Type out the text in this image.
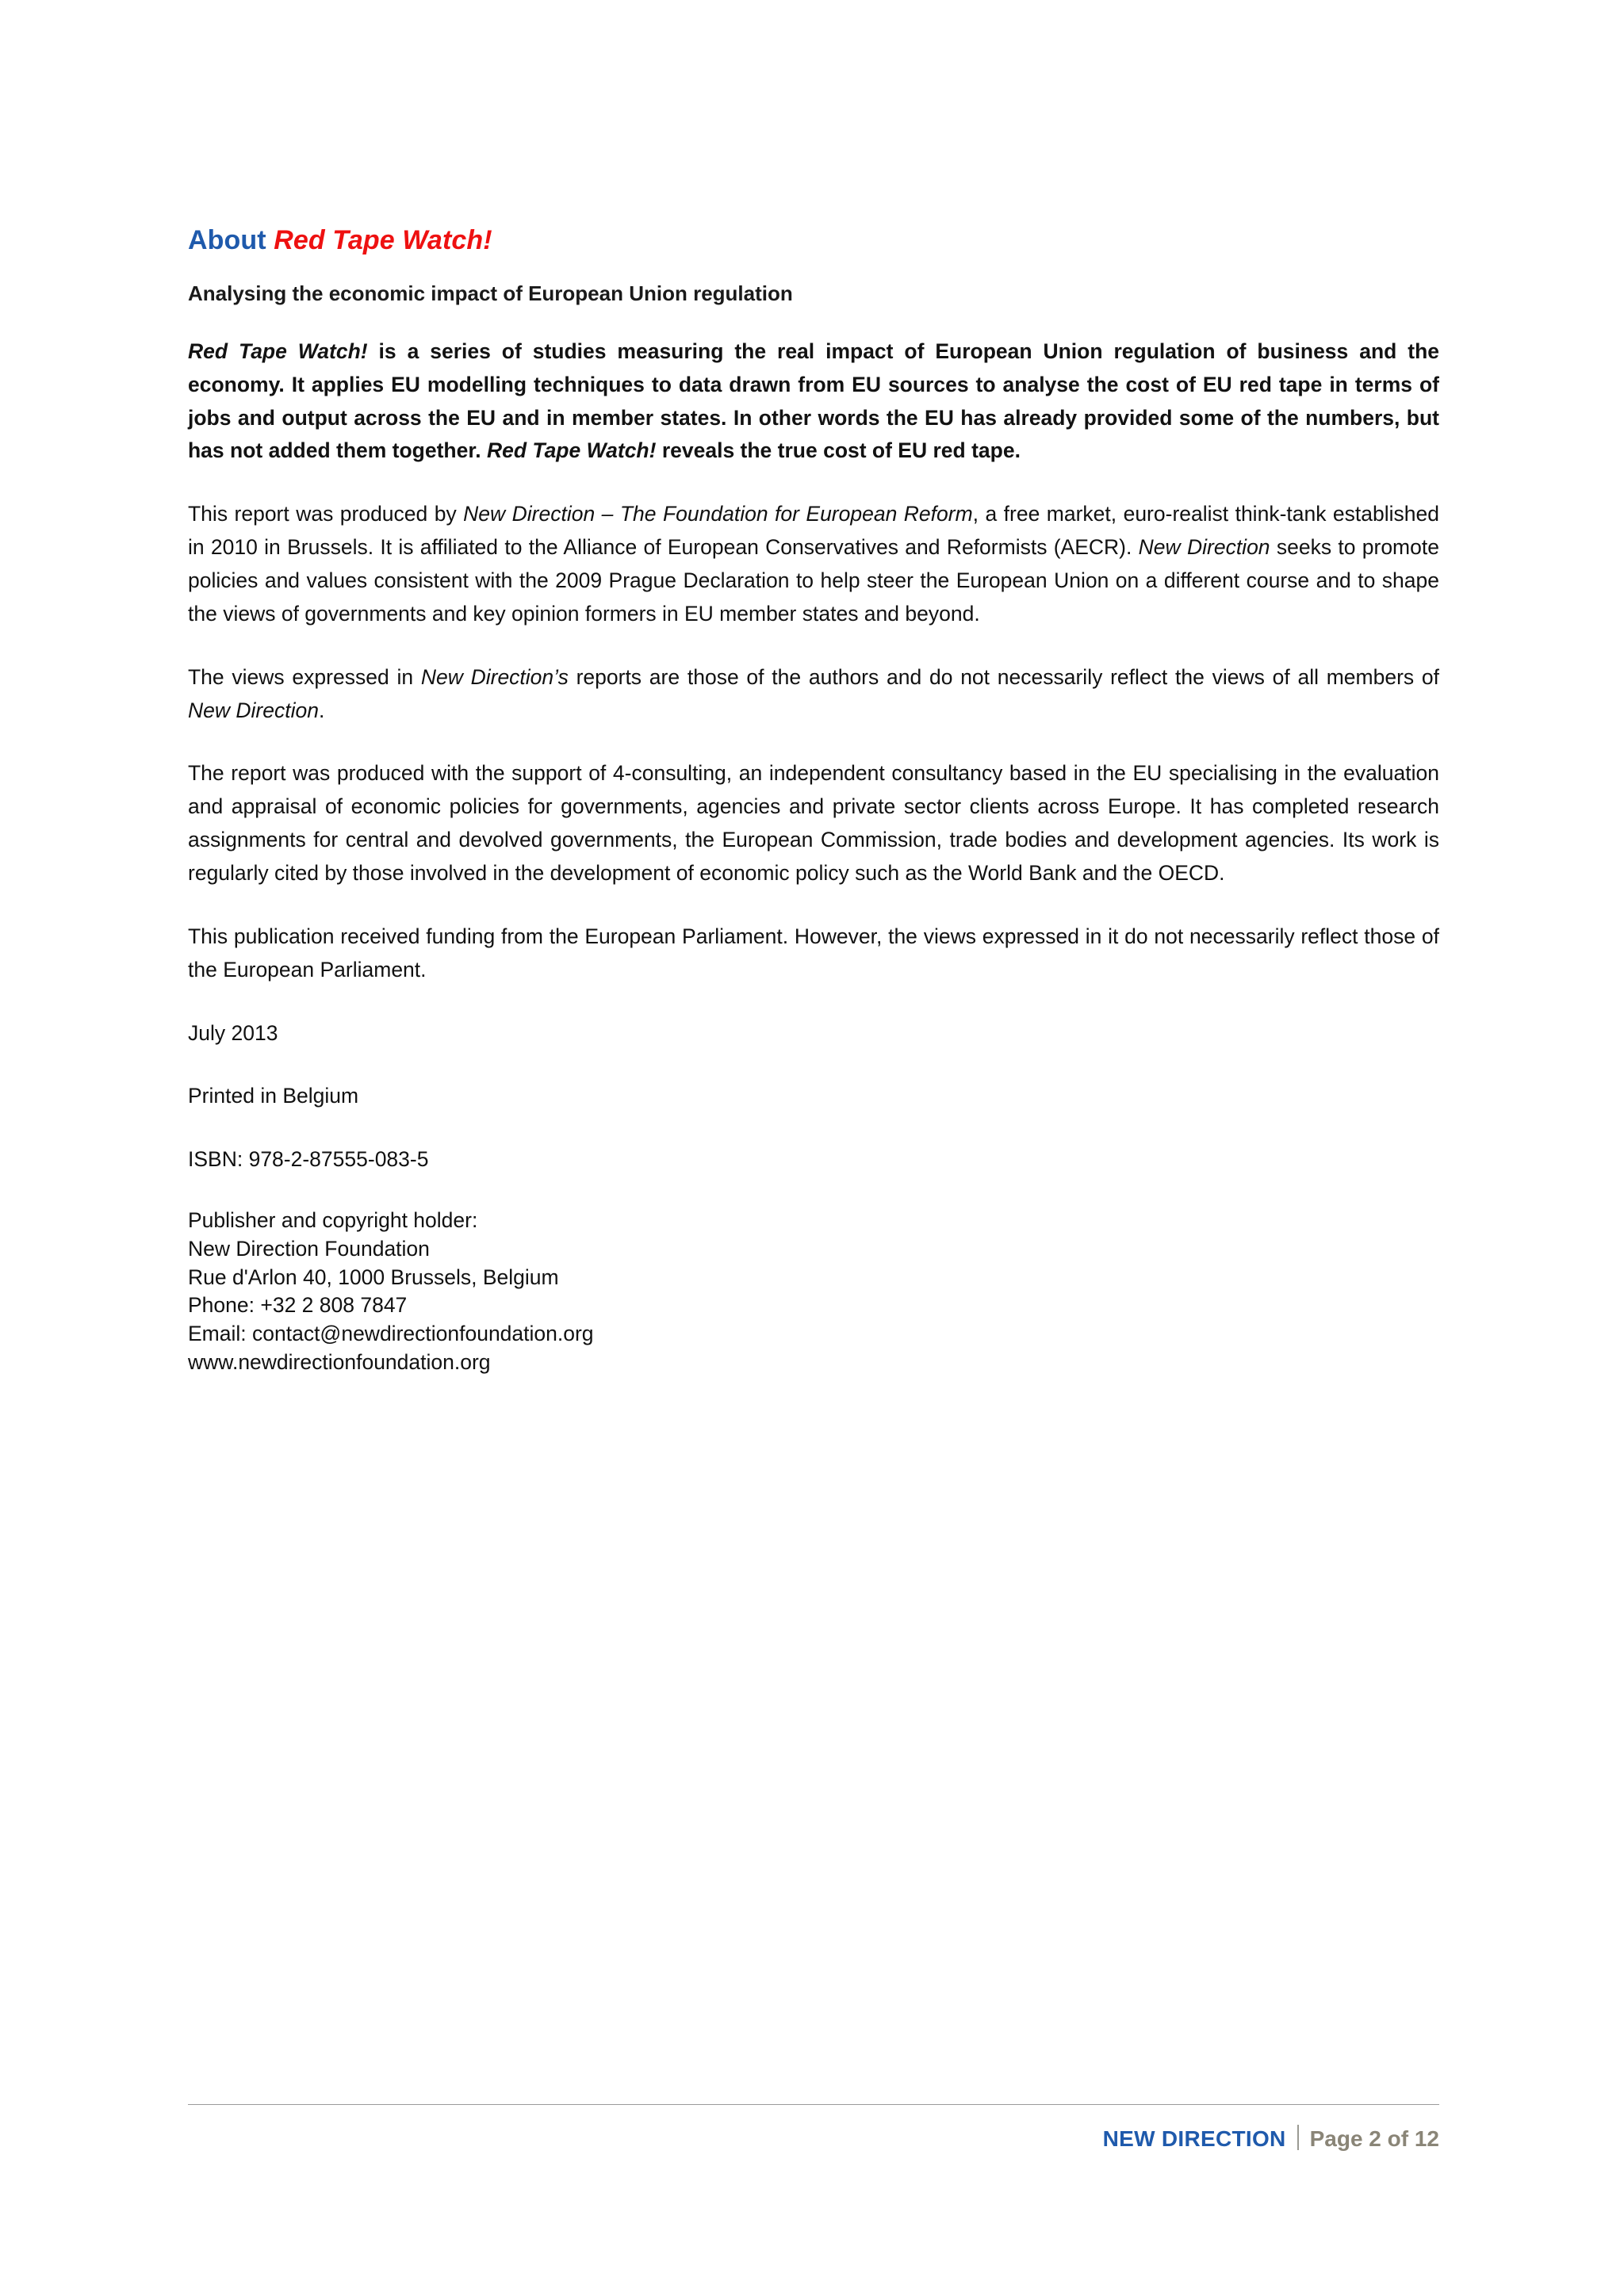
About Red Tape Watch!

Analysing the economic impact of European Union regulation

Red Tape Watch! is a series of studies measuring the real impact of European Union regulation of business and the economy. It applies EU modelling techniques to data drawn from EU sources to analyse the cost of EU red tape in terms of jobs and output across the EU and in member states. In other words the EU has already provided some of the numbers, but has not added them together. Red Tape Watch! reveals the true cost of EU red tape.

This report was produced by New Direction – The Foundation for European Reform, a free market, euro-realist think-tank established in 2010 in Brussels. It is affiliated to the Alliance of European Conservatives and Reformists (AECR). New Direction seeks to promote policies and values consistent with the 2009 Prague Declaration to help steer the European Union on a different course and to shape the views of governments and key opinion formers in EU member states and beyond.

The views expressed in New Direction’s reports are those of the authors and do not necessarily reflect the views of all members of New Direction.

The report was produced with the support of 4-consulting, an independent consultancy based in the EU specialising in the evaluation and appraisal of economic policies for governments, agencies and private sector clients across Europe. It has completed research assignments for central and devolved governments, the European Commission, trade bodies and development agencies. Its work is regularly cited by those involved in the development of economic policy such as the World Bank and the OECD.

This publication received funding from the European Parliament. However, the views expressed in it do not necessarily reflect those of the European Parliament.

July 2013

Printed in Belgium

ISBN: 978-2-87555-083-5

Publisher and copyright holder:
New Direction Foundation
Rue d'Arlon 40, 1000 Brussels, Belgium
Phone: +32 2 808 7847
Email: contact@newdirectionfoundation.org
www.newdirectionfoundation.org
NEW DIRECTION Page 2 of 12
